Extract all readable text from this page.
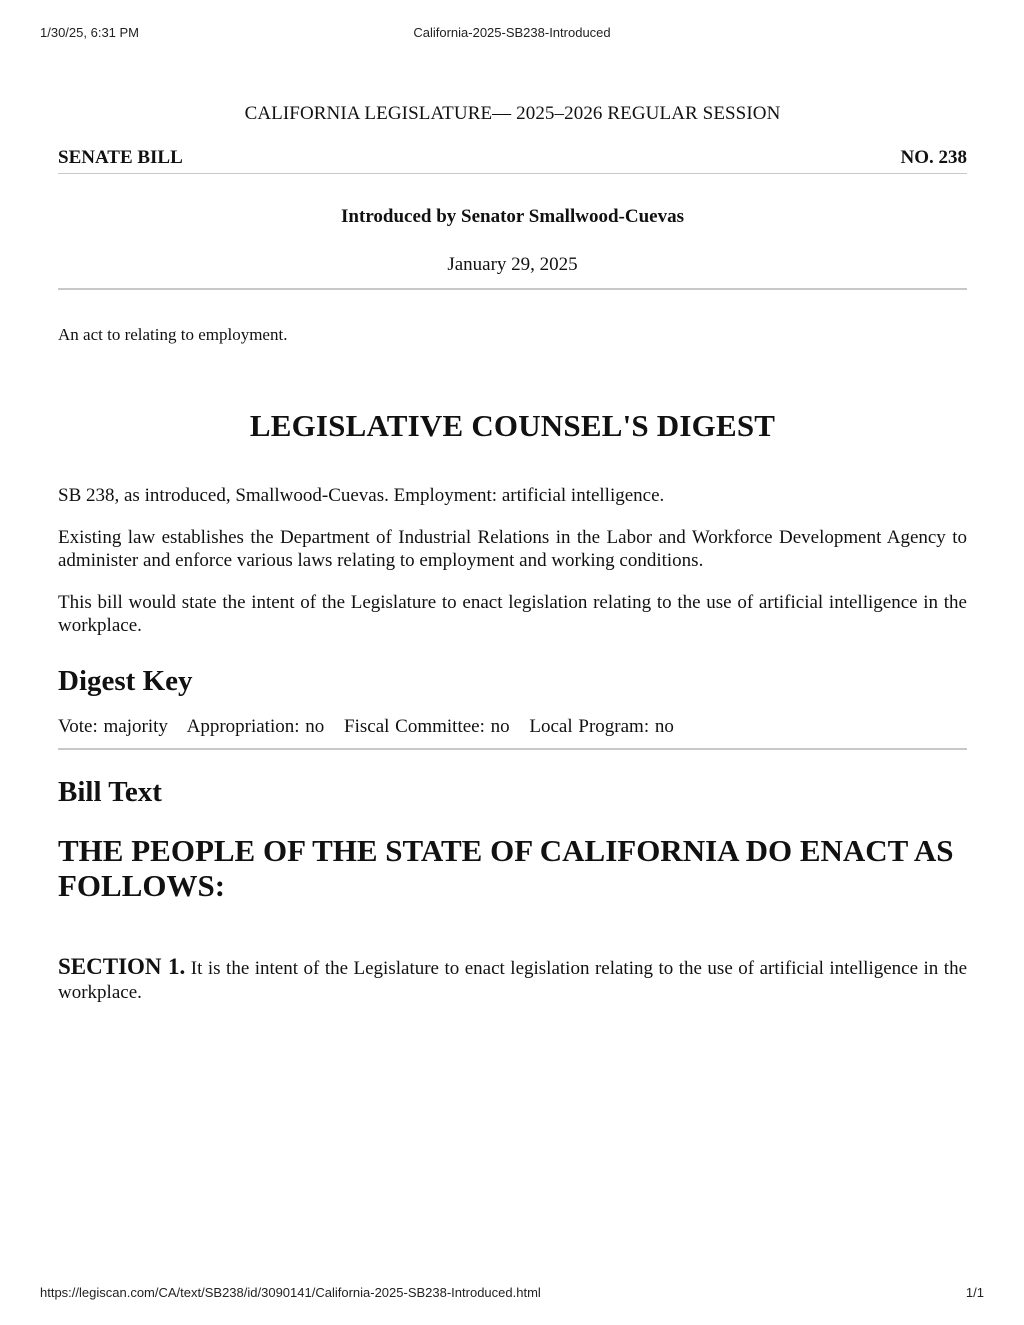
1/30/25, 6:31 PM	California-2025-SB238-Introduced

CALIFORNIA LEGISLATURE— 2025–2026 REGULAR SESSION

SENATE BILL	NO. 238
Introduced by Senator Smallwood-Cuevas
January 29, 2025
An act to relating to employment.
LEGISLATIVE COUNSEL'S DIGEST

SB 238, as introduced, Smallwood-Cuevas. Employment: artificial intelligence.

Existing law establishes the Department of Industrial Relations in the Labor and Workforce Development Agency to administer and enforce various laws relating to employment and working conditions.

This bill would state the intent of the Legislature to enact legislation relating to the use of artificial intelligence in the workplace.

Digest Key
Vote: majority Appropriation: no Fiscal Committee: no Local Program: no
Bill Text
THE PEOPLE OF THE STATE OF CALIFORNIA DO ENACT AS FOLLOWS:
SECTION 1. It is the intent of the Legislature to enact legislation relating to the use of artificial intelligence in the workplace.
https://legiscan.com/CA/text/SB238/id/3090141/California-2025-SB238-Introduced.html	1/1
